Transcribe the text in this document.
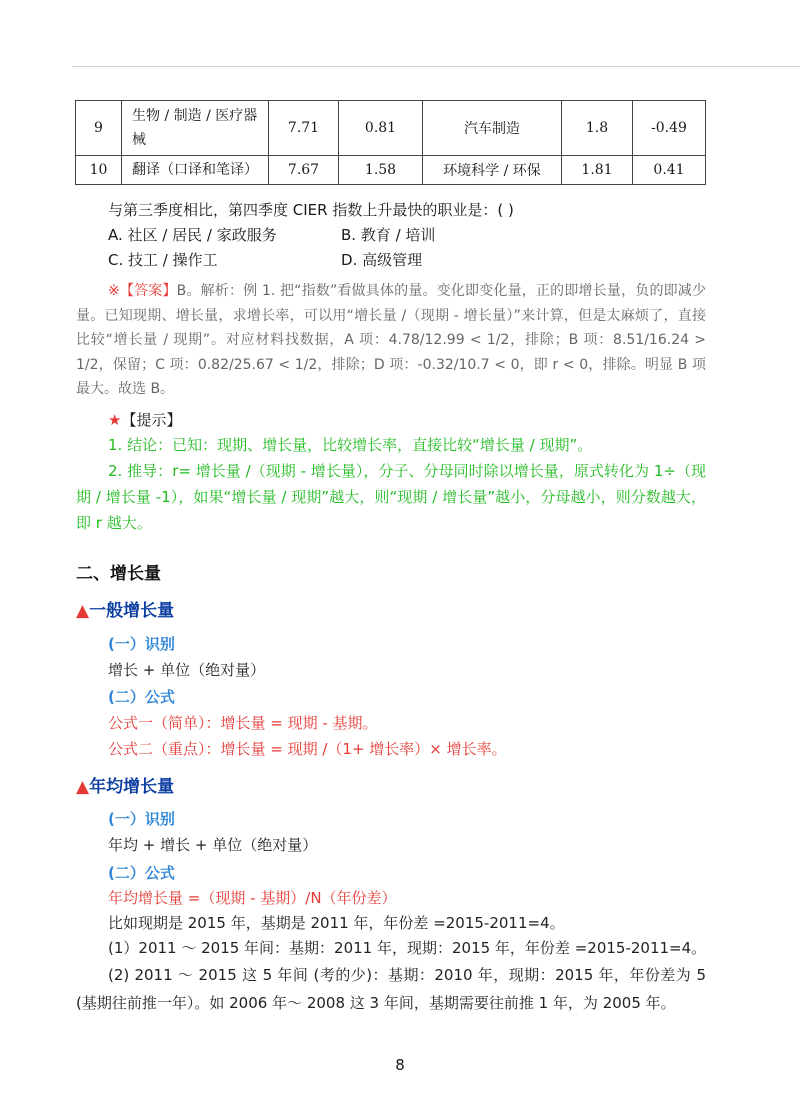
9	生物 / 制造 / 医疗器械	7.71	0.81	汽车制造	1.8	-0.49
10	翻译（口译和笔译）	7.67	1.58	环境科学 / 环保	1.81	0.41
与第三季度相比，第四季度 CIER 指数上升最快的职业是：( )
A. 社区 / 居民 / 家政服务	B. 教育 / 培训
C. 技工 / 操作工	D. 高级管理
※【答案】B。解析：例 1. 把“指数”看做具体的量。变化即变化量，正的即增长量，负的即减少量。已知现期、增长量，求增长率，可以用“增长量 /（现期 - 增长量）”来计算，但是太麻烦了，直接比较“增长量 / 现期”。对应材料找数据，A 项：4.78/12.99 < 1/2，排除；B 项：8.51/16.24 > 1/2，保留；C 项：0.82/25.67 < 1/2，排除；D 项：-0.32/10.7 < 0，即 r < 0，排除。明显 B 项最大。故选 B。
★【提示】
1. 结论：已知：现期、增长量，比较增长率，直接比较“增长量 / 现期”。
2. 推导：r= 增长量 /（现期 - 增长量），分子、分母同时除以增长量，原式转化为 1÷（现期 / 增长量 -1），如果“增长量 / 现期”越大，则“现期 / 增长量”越小，分母越小，则分数越大，即 r 越大。
二、增长量
▲一般增长量
(一）识别
增长 + 单位（绝对量）
(二）公式
公式一（简单）：增长量 = 现期 - 基期。
公式二（重点）：增长量 = 现期 /（1+ 增长率）× 增长率。
▲年均增长量
(一）识别
年均 + 增长 + 单位（绝对量）
(二）公式
年均增长量 =（现期 - 基期）/N（年份差）
比如现期是 2015 年，基期是 2011 年，年份差 =2015-2011=4。
(1）2011 ～ 2015 年间：基期：2011 年，现期：2015 年，年份差 =2015-2011=4。
(2) 2011 ～ 2015 这 5 年间 (考的少)：基期：2010 年，现期：2015 年，年份差为 5 (基期往前推一年）。如 2006 年～ 2008 这 3 年间，基期需要往前推 1 年，为 2005 年。
8
